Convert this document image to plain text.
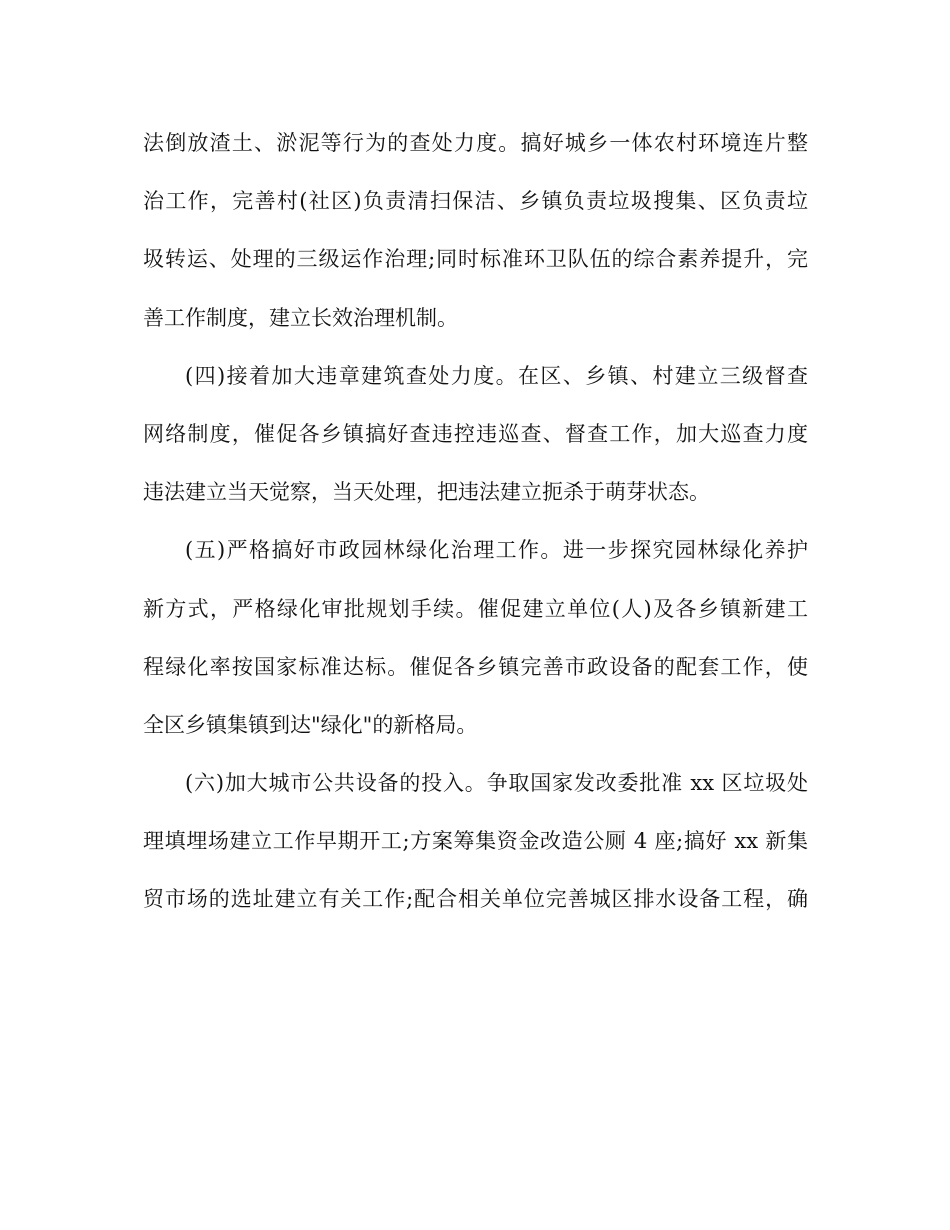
法倒放渣土、淤泥等行为的查处力度。搞好城乡一体农村环境连片整
治工作，完善村(社区)负责清扫保洁、乡镇负责垃圾搜集、区负责垃
圾转运、处理的三级运作治理;同时标准环卫队伍的综合素养提升，完
善工作制度，建立长效治理机制。
(四)接着加大违章建筑查处力度。在区、乡镇、村建立三级督查
网络制度，催促各乡镇搞好查违控违巡查、督查工作，加大巡查力度
违法建立当天觉察，当天处理，把违法建立扼杀于萌芽状态。
(五)严格搞好市政园林绿化治理工作。进一步探究园林绿化养护
新方式，严格绿化审批规划手续。催促建立单位(人)及各乡镇新建工
程绿化率按国家标准达标。催促各乡镇完善市政设备的配套工作，使
全区乡镇集镇到达"绿化"的新格局。
(六)加大城市公共设备的投入。争取国家发改委批准 xx 区垃圾处
理填埋场建立工作早期开工;方案筹集资金改造公厕 4 座;搞好 xx 新集
贸市场的选址建立有关工作;配合相关单位完善城区排水设备工程，确
